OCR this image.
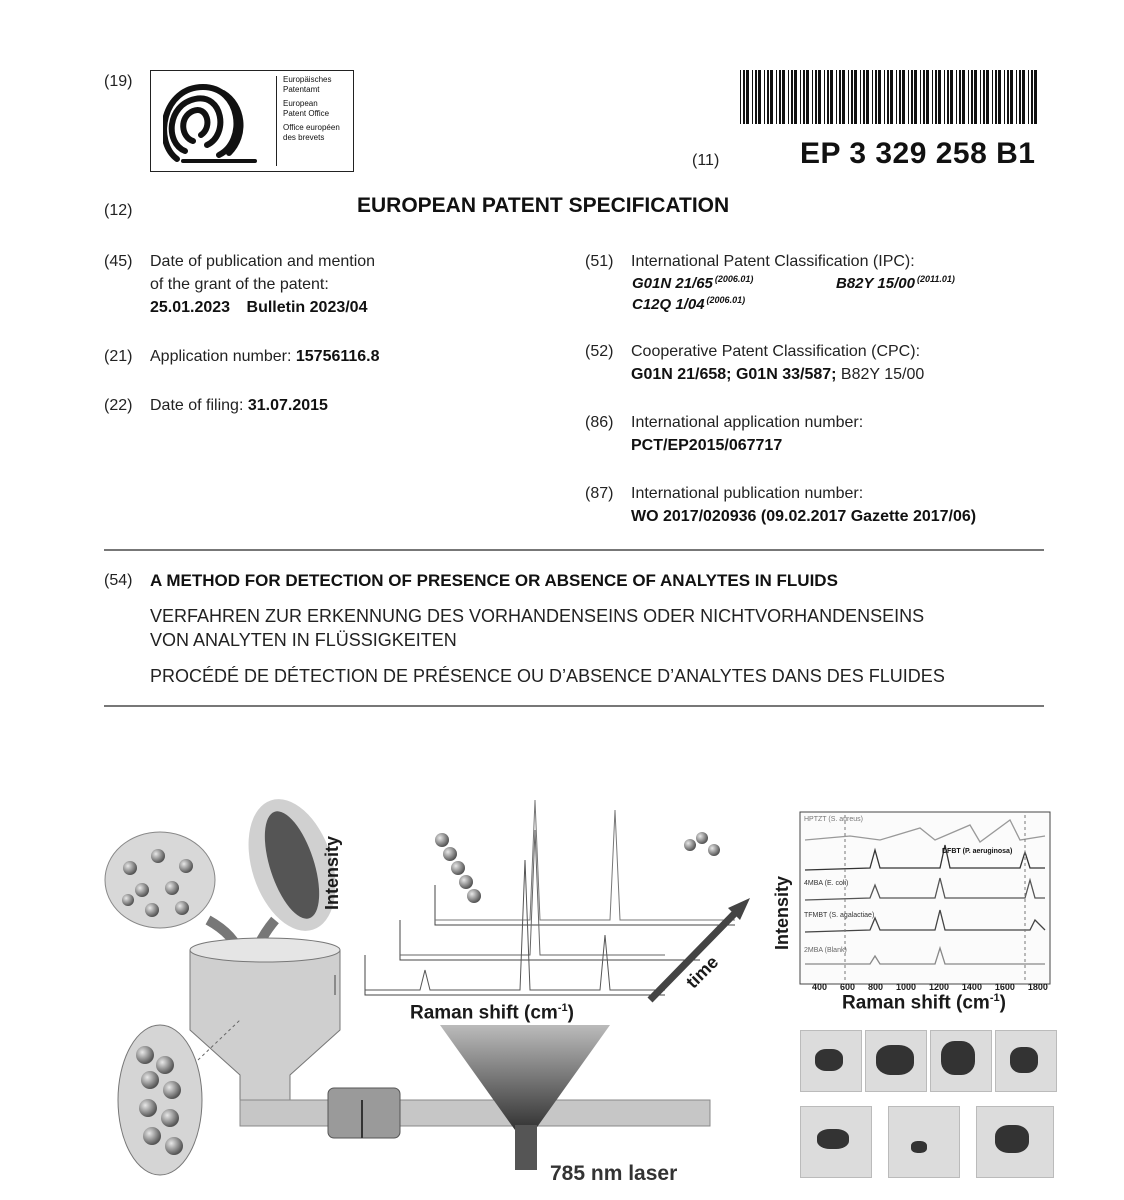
(19)	Europäisches
Patentamt
European
Patent Office
Office européen
des brevets
(11)	EP 3 329 258 B1
(12)	EUROPEAN PATENT SPECIFICATION
(45) Date of publication and mention
of the grant of the patent:
25.01.2023 Bulletin 2023/04
(21) Application number: 15756116.8
(22) Date of filing: 31.07.2015
(51) International Patent Classification (IPC):
G01N 21/65 $^{(2006.01)}$	B82Y 15/00 $^{(2011.01)}$
C12Q 1/04 $^{(2006.01)}$
(52) Cooperative Patent Classification (CPC):
G01N 21/658; G01N 33/587; B82Y 15/00
(86) International application number:
PCT/EP2015/067717
(87) International publication number:
WO 2017/020936 (09.02.2017 Gazette 2017/06)
(54) A METHOD FOR DETECTION OF PRESENCE OR ABSENCE OF ANALYTES IN FLUIDS
VERFAHREN ZUR ERKENNUNG DES VORHANDENSEINS ODER NICHTVORHANDENSEINS
VON ANALYTEN IN FLÜSSIGKEITEN
PROCÉDÉ DE DÉTECTION DE PRÉSENCE OU D’ABSENCE D’ANALYTES DANS DES FLUIDES
Intensity
Raman shift $(cm^{-1})$
time
785 nm laser
Intensity
Raman shift $(cm^{-1})$
HPTZT (S. aureus)
DFBT (P. aeruginosa)
4MBA (E. coli)
TFMBT (S. agalactiae)
2MBA (Blank)
400 600 800 1000 1200 1400 1600 1800
